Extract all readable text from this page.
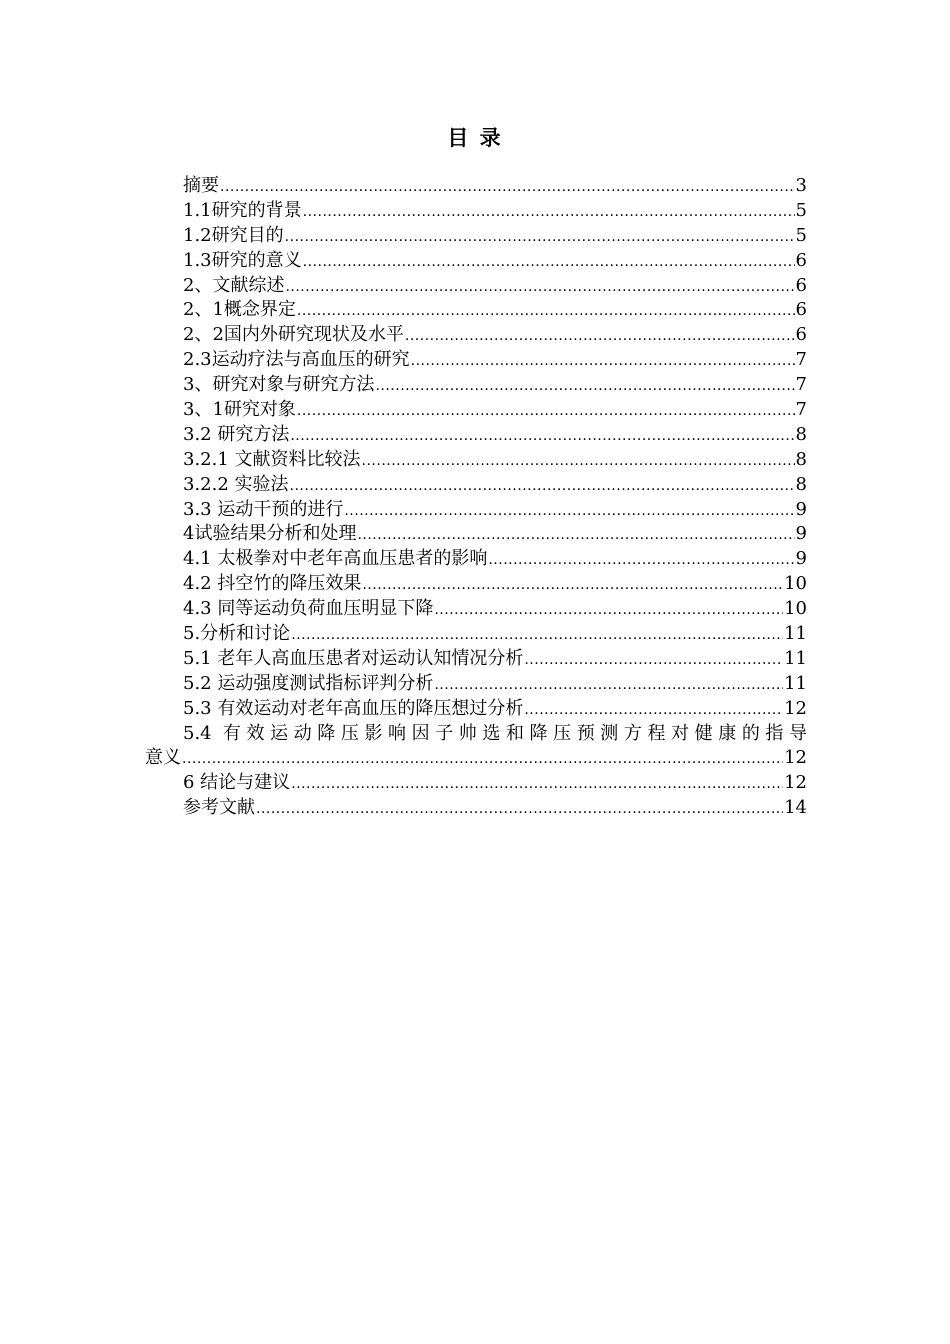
目 录
摘要 .....	3
1.1研究的背景 .....	5
1.2研究目的 .....	5
1.3研究的意义 .....	6
2、文献综述 .....	6
2、1概念界定 .....	6
2、2国内外研究现状及水平 .....	6
2.3运动疗法与高血压的研究 .....	7
3、研究对象与研究方法 .....	7
3、1研究对象 .....	7
3.2 研究方法 .....	8
3.2.1 文献资料比较法 .....	8
3.2.2 实验法 .....	8
3.3 运动干预的进行 .....	9
4试验结果分析和处理 .....	9
4.1 太极拳对中老年高血压患者的影响 .....	9
4.2 抖空竹的降压效果 .....	10
4.3 同等运动负荷血压明显下降 .....	10
5.分析和讨论 .....	11
5.1 老年人高血压患者对运动认知情况分析 .....	11
5.2 运动强度测试指标评判分析 .....	11
5.3 有效运动对老年高血压的降压想过分析 .....	12
5.4 有效运动降压影响因子帅选和降压预测方程对健康的指导
意义 .....	12
6 结论与建议 .....	12
参考文献 .....	14
